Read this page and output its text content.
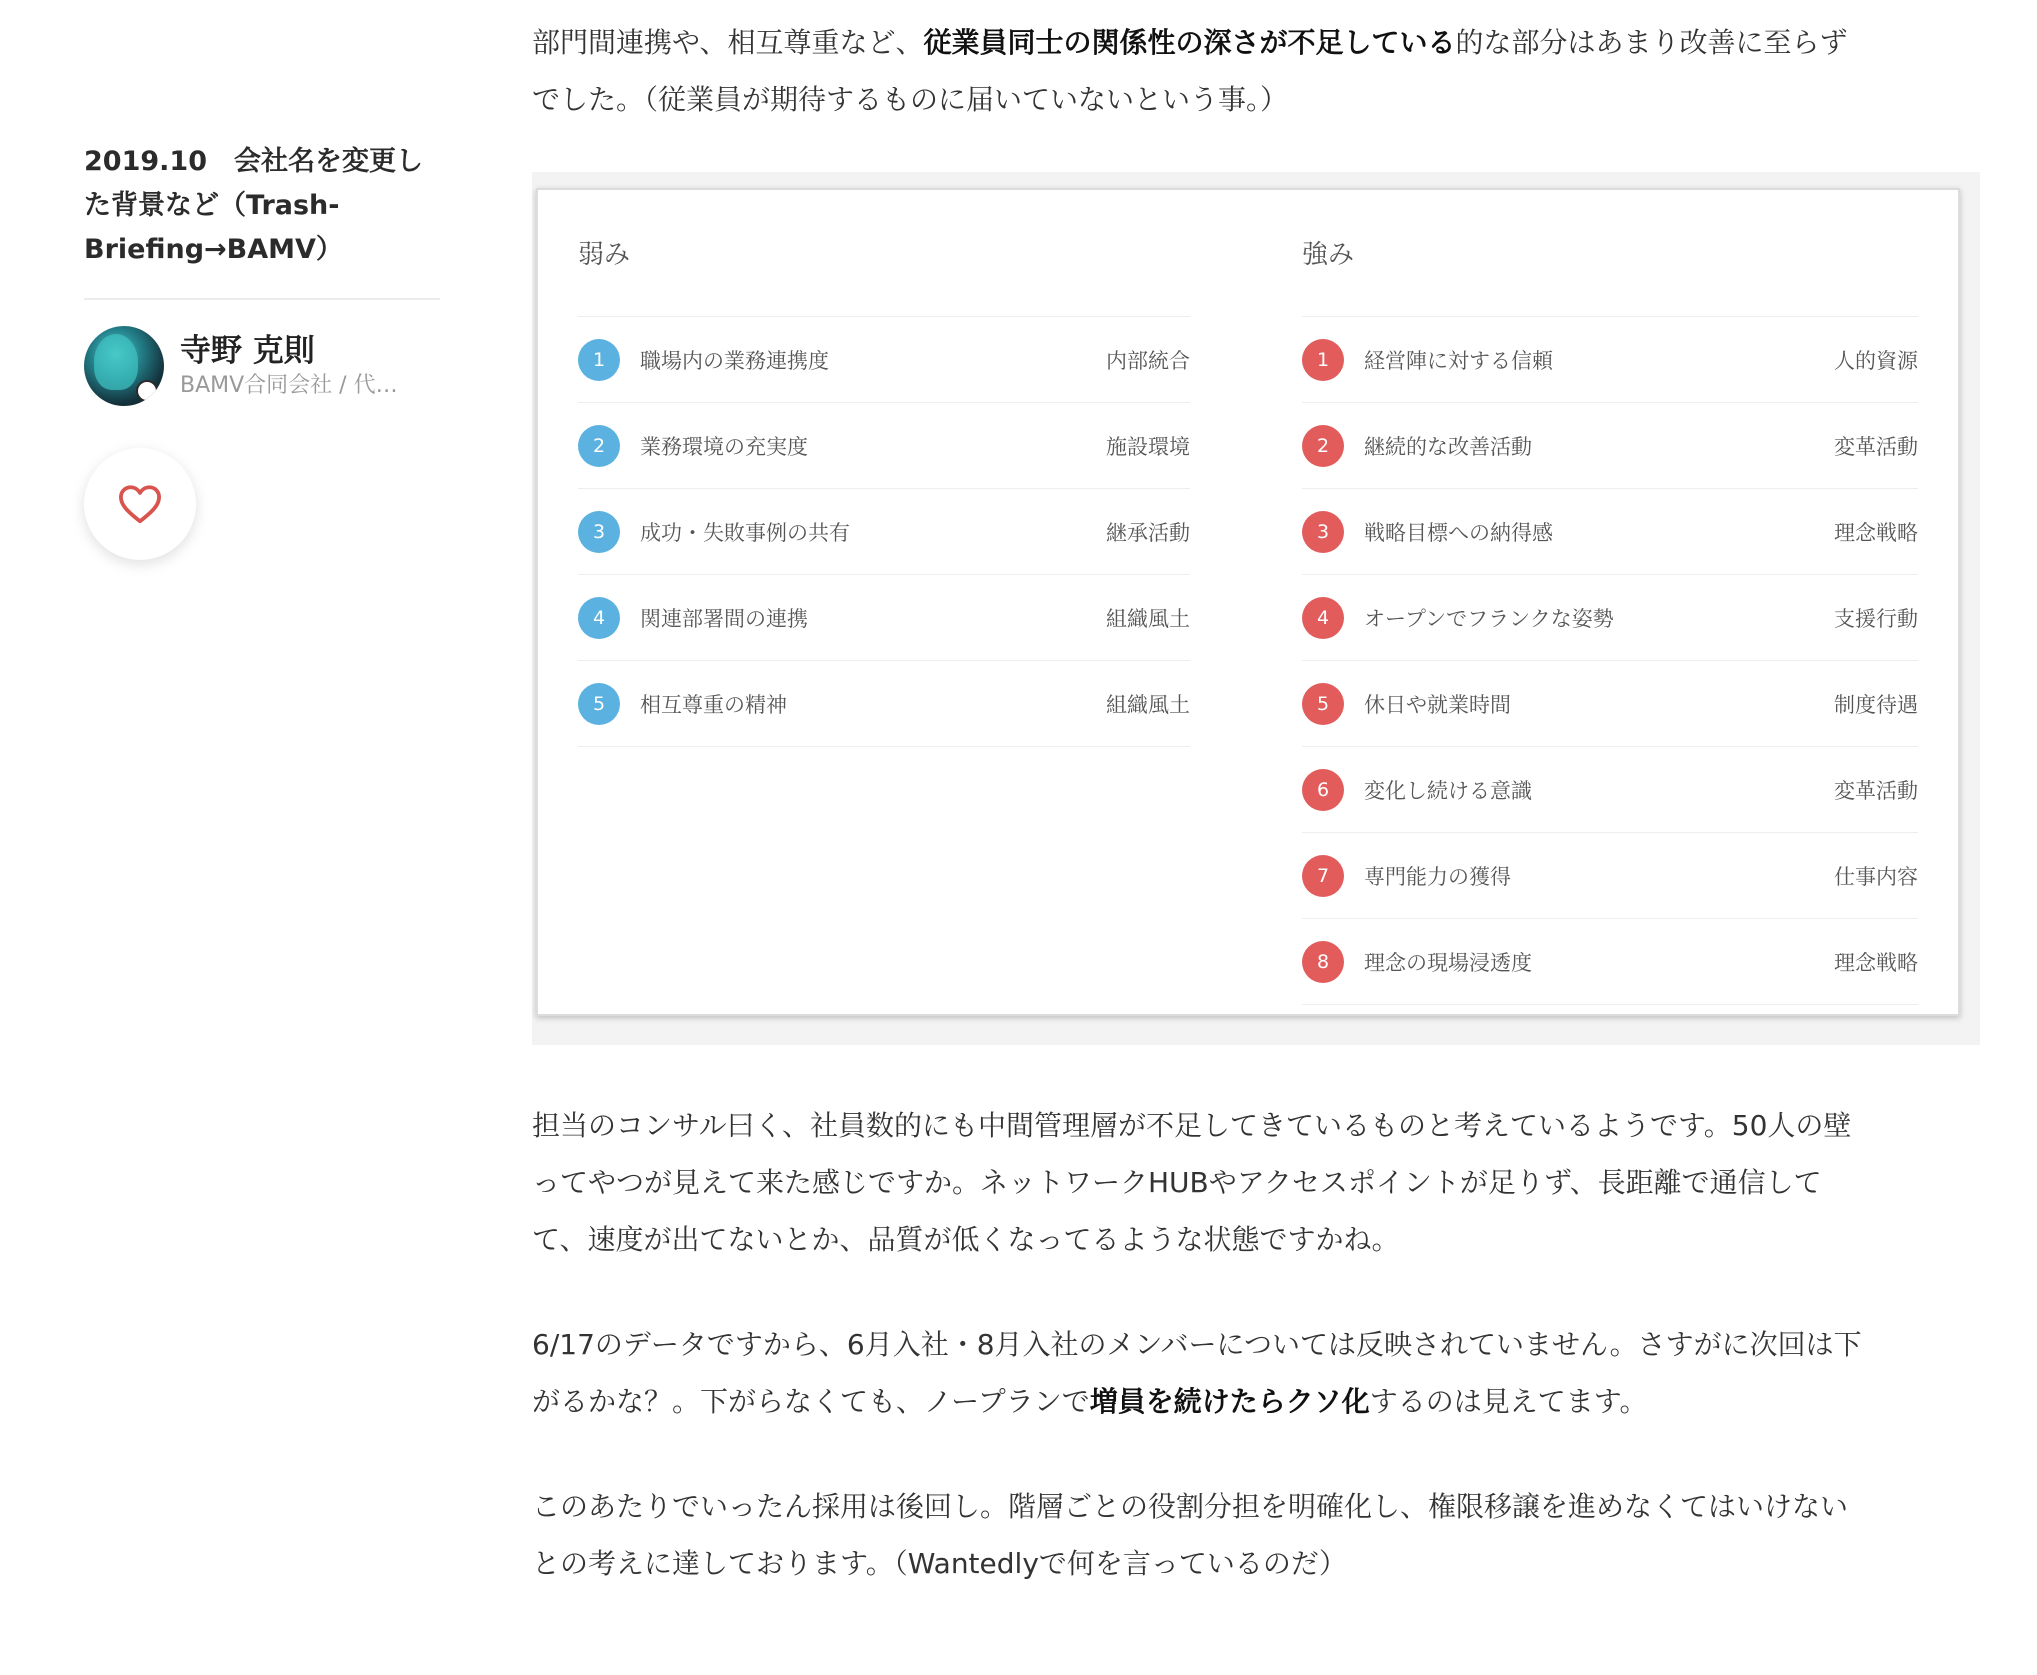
2019.10　会社名を変更した背景など（Trash-Briefing→BAMV）
寺野 克則
BAMV合同会社 / 代…

部門間連携や、相互尊重など、従業員同士の関係性の深さが不足している的な部分はあまり改善に至らず

でした。（従業員が期待するものに届いていないという事。）

弱み
1	職場内の業務連携度	内部統合
2	業務環境の充実度	施設環境
3	成功・失敗事例の共有	継承活動
4	関連部署間の連携	組織風土
5	相互尊重の精神	組織風土
強み
1	経営陣に対する信頼	人的資源
2	継続的な改善活動	変革活動
3	戦略目標への納得感	理念戦略
4	オープンでフランクな姿勢	支援行動
5	休日や就業時間	制度待遇
6	変化し続ける意識	変革活動
7	専門能力の獲得	仕事内容
8	理念の現場浸透度	理念戦略

担当のコンサル曰く、社員数的にも中間管理層が不足してきているものと考えているようです。50人の壁

ってやつが見えて来た感じですか。ネットワークHUBやアクセスポイントが足りず、長距離で通信して

て、速度が出てないとか、品質が低くなってるような状態ですかね。

6/17のデータですから、6月入社・8月入社のメンバーについては反映されていません。さすがに次回は下

がるかな？。下がらなくても、ノープランで増員を続けたらクソ化するのは見えてます。

このあたりでいったん採用は後回し。階層ごとの役割分担を明確化し、権限移譲を進めなくてはいけない

との考えに達しております。（Wantedlyで何を言っているのだ）
